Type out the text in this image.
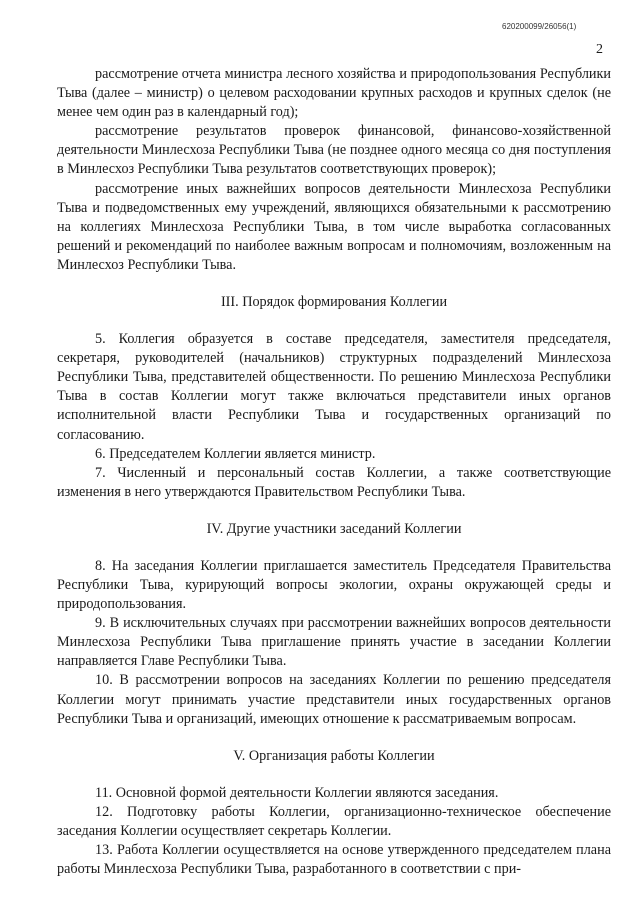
620200099/26056(1)
2

рассмотрение отчета министра лесного хозяйства и природопользования Республики Тыва (далее – министр) о целевом расходовании крупных расходов и крупных сделок (не менее чем один раз в календарный год);

рассмотрение результатов проверок финансовой, финансово-хозяйственной деятельности Минлесхоза Республики Тыва (не позднее одного месяца со дня поступления в Минлесхоз Республики Тыва результатов соответствующих проверок);

рассмотрение иных важнейших вопросов деятельности Минлесхоза Республики Тыва и подведомственных ему учреждений, являющихся обязательными к рассмотрению на коллегиях Минлесхоза Республики Тыва, в том числе выработка согласованных решений и рекомендаций по наиболее важным вопросам и полномочиям, возложенным на Минлесхоз Республики Тыва.

III. Порядок формирования Коллегии

5. Коллегия образуется в составе председателя, заместителя председателя, секретаря, руководителей (начальников) структурных подразделений Минлесхоза Республики Тыва, представителей общественности. По решению Минлесхоза Республики Тыва в состав Коллегии могут также включаться представители иных органов исполнительной власти Республики Тыва и государственных организаций по согласованию.

6. Председателем Коллегии является министр.

7. Численный и персональный состав Коллегии, а также соответствующие изменения в него утверждаются Правительством Республики Тыва.

IV. Другие участники заседаний Коллегии

8. На заседания Коллегии приглашается заместитель Председателя Правительства Республики Тыва, курирующий вопросы экологии, охраны окружающей среды и природопользования.

9. В исключительных случаях при рассмотрении важнейших вопросов деятельности Минлесхоза Республики Тыва приглашение принять участие в заседании Коллегии направляется Главе Республики Тыва.

10. В рассмотрении вопросов на заседаниях Коллегии по решению председателя Коллегии могут принимать участие представители иных государственных органов Республики Тыва и организаций, имеющих отношение к рассматриваемым вопросам.

V. Организация работы Коллегии

11. Основной формой деятельности Коллегии являются заседания.

12. Подготовку работы Коллегии, организационно-техническое обеспечение заседания Коллегии осуществляет секретарь Коллегии.

13. Работа Коллегии осуществляется на основе утвержденного председателем плана работы Минлесхоза Республики Тыва, разработанного в соответствии с при-
